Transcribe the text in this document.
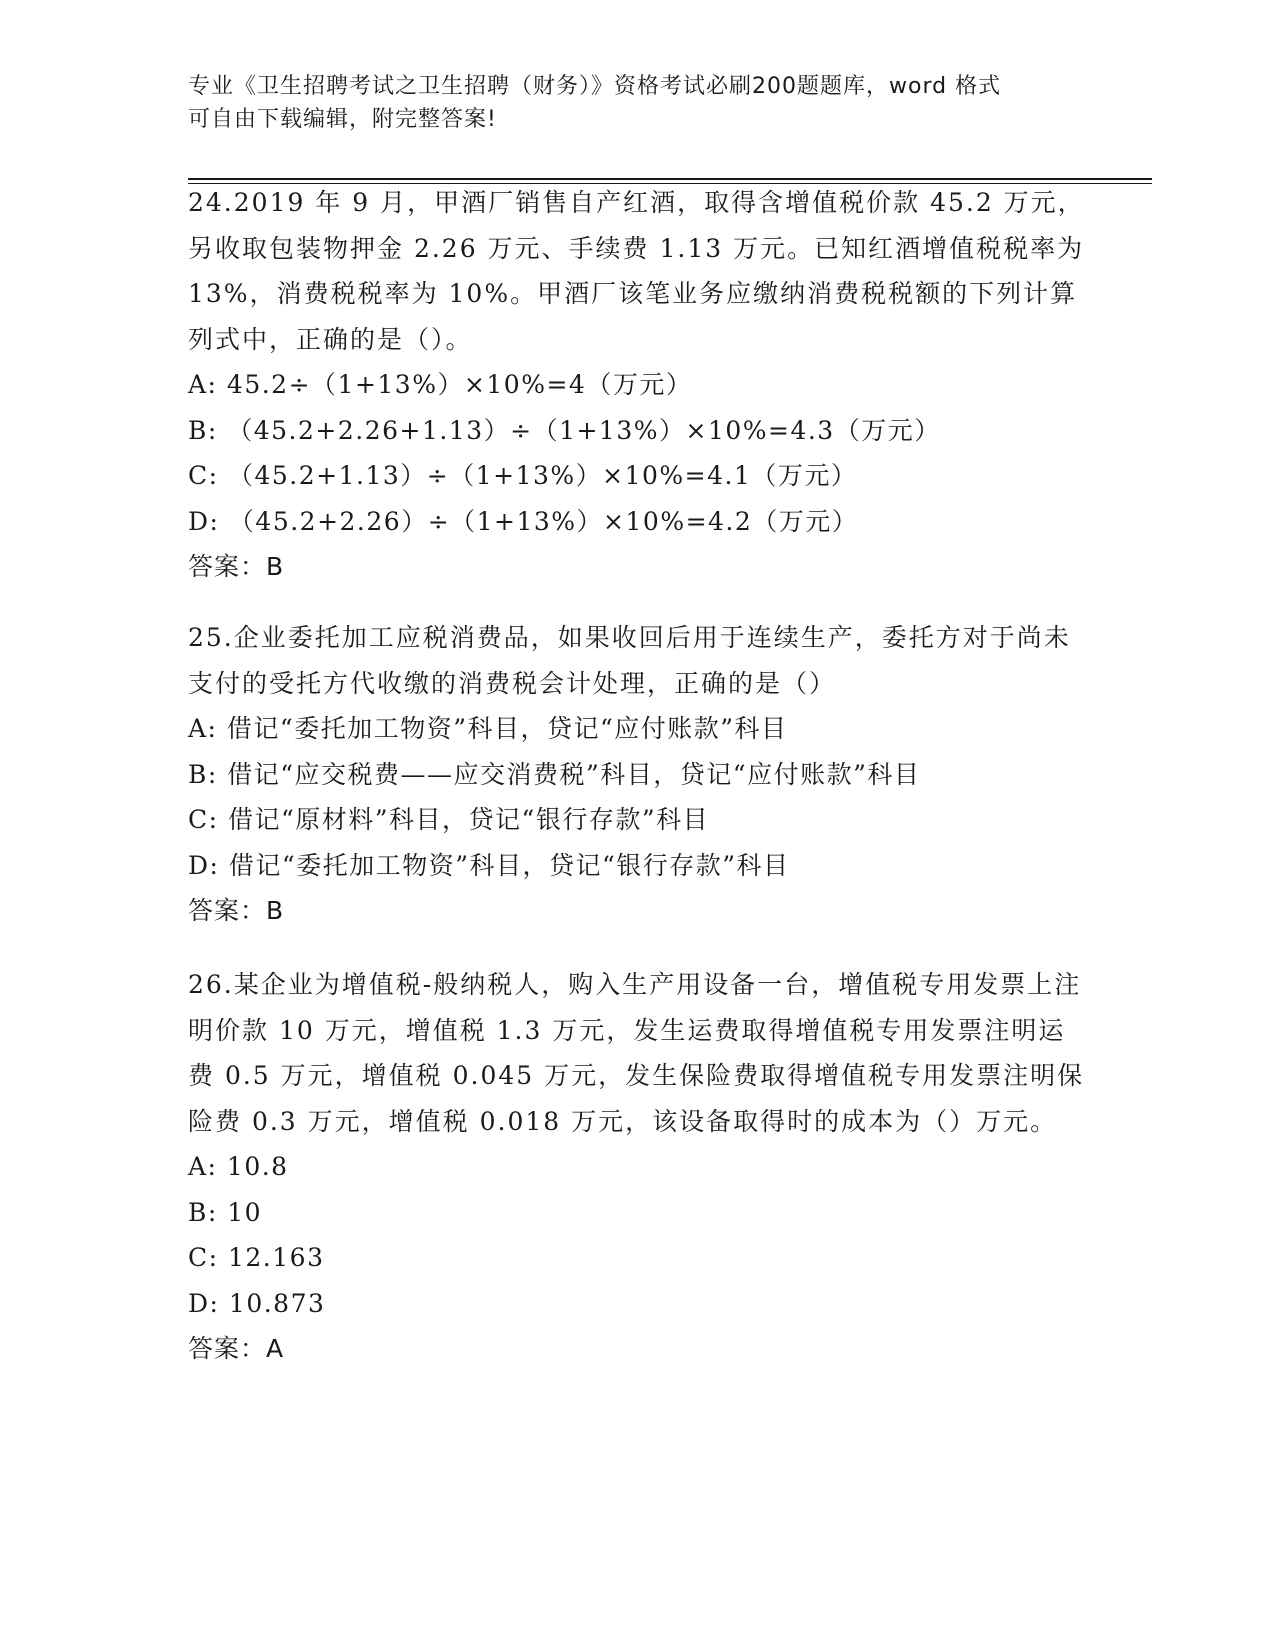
专业《卫生招聘考试之卫生招聘（财务）》资格考试必刷200题题库，word 格式
可自由下载编辑，附完整答案!
24.2019 年 9 月，甲酒厂销售自产红酒，取得含增值税价款 45.2 万元，另收取包装物押金 2.26 万元、手续费 1.13 万元。已知红酒增值税税率为 13%，消费税税率为 10%。甲酒厂该笔业务应缴纳消费税税额的下列计算列式中，正确的是（）。
A: 45.2÷（1+13%）×10%=4（万元）
B: （45.2+2.26+1.13）÷（1+13%）×10%=4.3（万元）
C: （45.2+1.13）÷（1+13%）×10%=4.1（万元）
D: （45.2+2.26）÷（1+13%）×10%=4.2（万元）
答案：B
25.企业委托加工应税消费品，如果收回后用于连续生产，委托方对于尚未支付的受托方代收缴的消费税会计处理，正确的是（）
A: 借记“委托加工物资”科目，贷记“应付账款”科目
B: 借记“应交税费——应交消费税”科目，贷记“应付账款”科目
C: 借记“原材料”科目，贷记“银行存款”科目
D: 借记“委托加工物资”科目，贷记“银行存款”科目
答案：B
26.某企业为增值税-般纳税人，购入生产用设备一台，增值税专用发票上注明价款 10 万元，增值税 1.3 万元，发生运费取得增值税专用发票注明运费 0.5 万元，增值税 0.045 万元，发生保险费取得增值税专用发票注明保险费 0.3 万元，增值税 0.018 万元，该设备取得时的成本为（）万元。
A: 10.8
B: 10
C: 12.163
D: 10.873
答案：A
